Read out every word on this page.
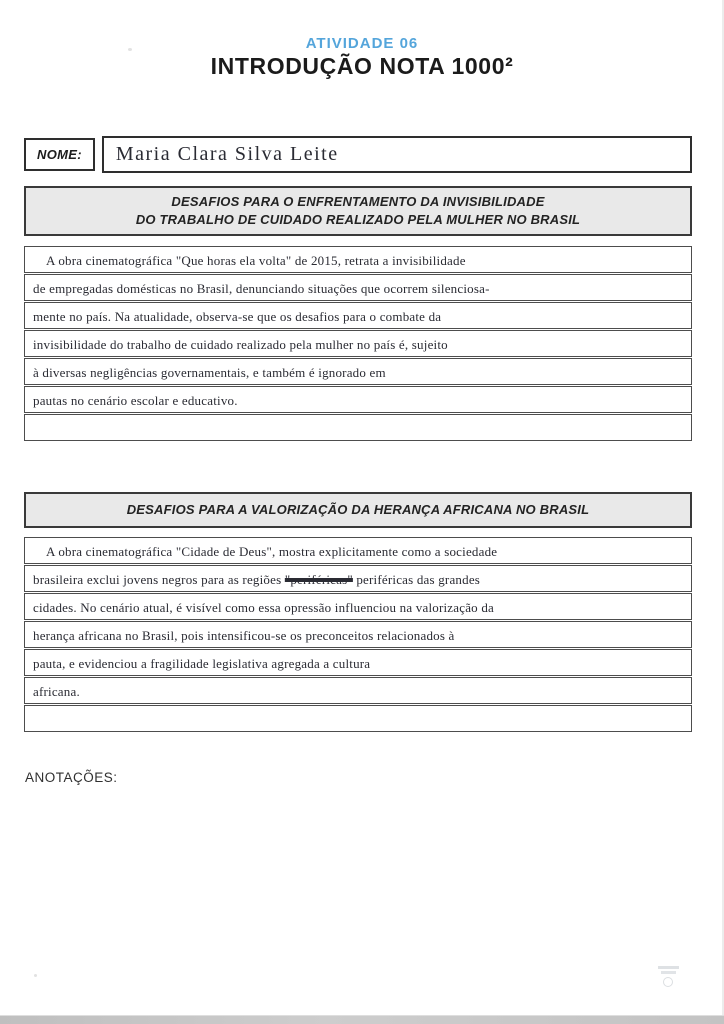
ATIVIDADE 06
INTRODUÇÃO NOTA 1000²
NOME: Maria Clara Silva Leite
DESAFIOS PARA O ENFRENTAMENTO DA INVISIBILIDADE
DO TRABALHO DE CUIDADO REALIZADO PELA MULHER NO BRASIL
A obra cinematográfica "Que horas ela volta" de 2015, retrata a invisibilidade
de empregadas domésticas no Brasil, denunciando situações que ocorrem silenciosa-
mente no país. Na atualidade, observa-se que os desafios para o combate da
invisibilidade do trabalho de cuidado realizado pela mulher no país é, sujeito
à diversas negligências governamentais, e também é ignorado em
pautas no cenário escolar e educativo.
DESAFIOS PARA A VALORIZAÇÃO DA HERANÇA AFRICANA NO BRASIL
A obra cinematográfica "Cidade de Deus", mostra explicitamente como a sociedade
brasileira exclui jovens negros para as regiões "periféricas" periféricas das grandes
cidades. No cenário atual, é visível como essa opressão influenciou na valorização da
herança africana no Brasil, pois intensificou-se os preconceitos relacionados à
pauta, e evidenciou a fragilidade legislativa agregada a cultura
africana.
ANOTAÇÕES:
